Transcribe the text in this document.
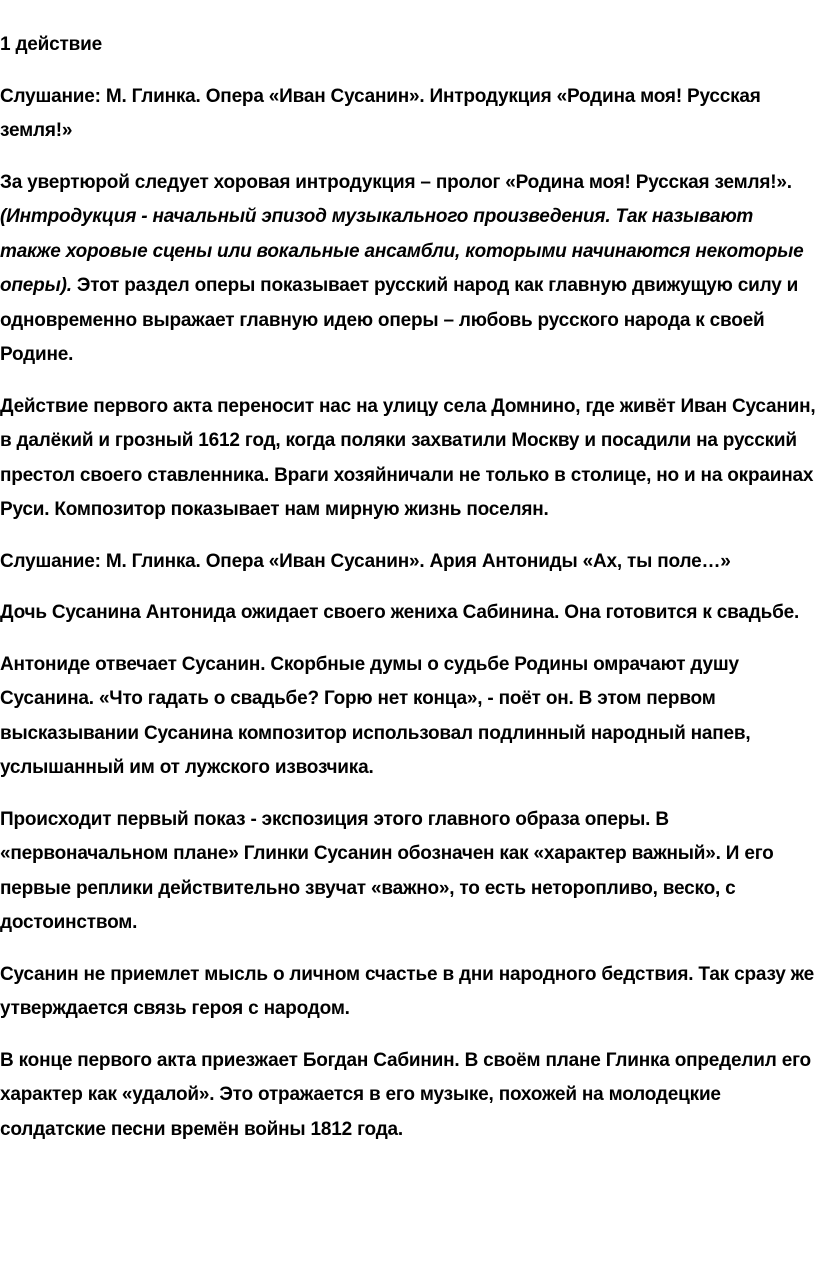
1 действие

Слушание: М. Глинка. Опера «Иван Сусанин». Интродукция «Родина моя! Русская земля!»

За увертюрой следует хоровая интродукция – пролог «Родина моя! Русская земля!». (Интродукция - начальный эпизод музыкального произведения. Так называют также хоровые сцены или вокальные ансамбли, которыми начинаются некоторые оперы). Этот раздел оперы показывает русский народ как главную движущую силу и одновременно выражает главную идею оперы – любовь русского народа к своей Родине.

Действие первого акта переносит нас на улицу села Домнино, где живёт Иван Сусанин, в далёкий и грозный 1612 год, когда поляки захватили Москву и посадили на русский престол своего ставленника. Враги хозяйничали не только в столице, но и на окраинах Руси. Композитор показывает нам мирную жизнь поселян.

Слушание: М. Глинка. Опера «Иван Сусанин». Ария Антониды «Ах, ты поле…»

Дочь Сусанина Антонида ожидает своего жениха Сабинина. Она готовится к свадьбе.

Антониде отвечает Сусанин. Скорбные думы о судьбе Родины омрачают душу Сусанина. «Что гадать о свадьбе? Горю нет конца», - поёт он. В этом первом высказывании Сусанина композитор использовал подлинный народный напев, услышанный им от лужского извозчика.

Происходит первый показ - экспозиция этого главного образа оперы. В «первоначальном плане» Глинки Сусанин обозначен как «характер важный». И его первые реплики действительно звучат «важно», то есть неторопливо, веско, с достоинством.

Сусанин не приемлет мысль о личном счастье в дни народного бедствия. Так сразу же утверждается связь героя с народом.

В конце первого акта приезжает Богдан Сабинин. В своём плане Глинка определил его характер как «удалой». Это отражается в его музыке, похожей на молодецкие солдатские песни времён войны 1812 года.
